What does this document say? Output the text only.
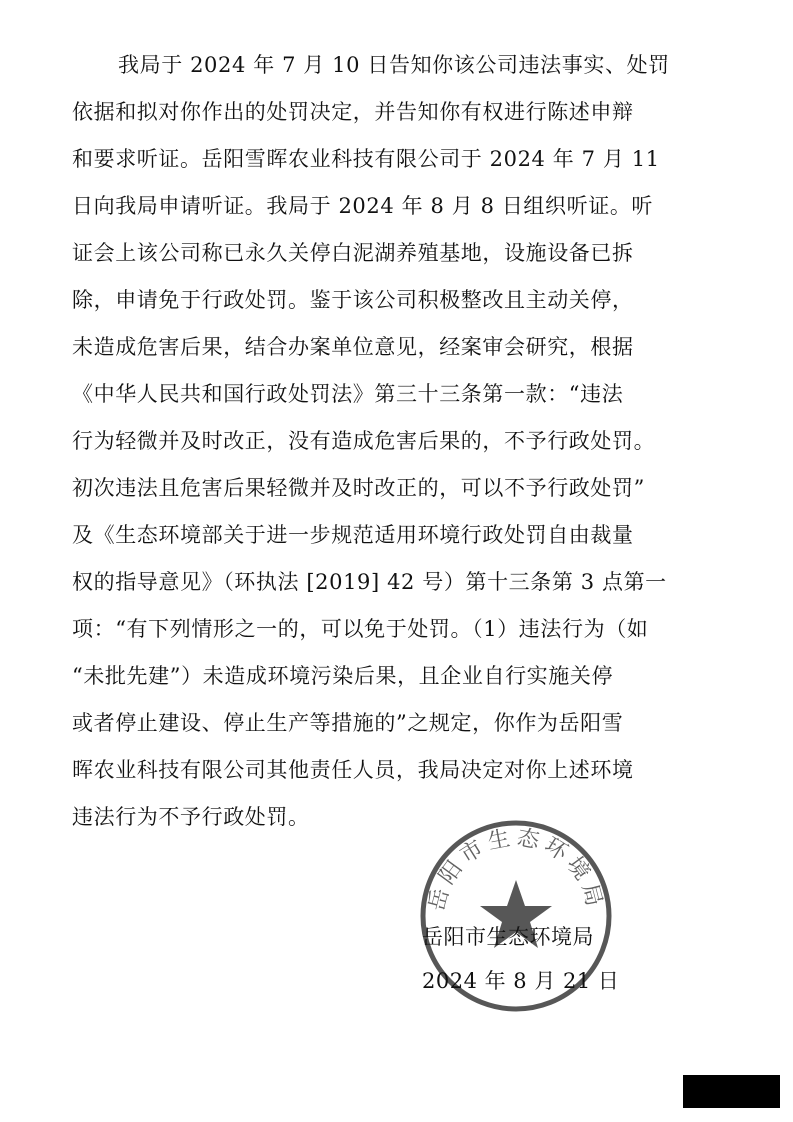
我局于 2024 年 7 月 10 日告知你该公司违法事实、处罚
依据和拟对你作出的处罚决定，并告知你有权进行陈述申辩
和要求听证。岳阳雪晖农业科技有限公司于 2024 年 7 月 11
日向我局申请听证。我局于 2024 年 8 月 8 日组织听证。听
证会上该公司称已永久关停白泥湖养殖基地，设施设备已拆
除，申请免于行政处罚。鉴于该公司积极整改且主动关停，
未造成危害后果，结合办案单位意见，经案审会研究，根据
《中华人民共和国行政处罚法》第三十三条第一款：“违法
行为轻微并及时改正，没有造成危害后果的，不予行政处罚。
初次违法且危害后果轻微并及时改正的，可以不予行政处罚”
及《生态环境部关于进一步规范适用环境行政处罚自由裁量
权的指导意见》（环执法 [2019] 42 号）第十三条第 3 点第一
项：“有下列情形之一的，可以免于处罚。（1）违法行为（如
“未批先建”）未造成环境污染后果，且企业自行实施关停
或者停止建设、停止生产等措施的”之规定，你作为岳阳雪
晖农业科技有限公司其他责任人员，我局决定对你上述环境
违法行为不予行政处罚。
岳阳市生态环境局
岳阳市生态环境局
2024 年 8 月 21 日
